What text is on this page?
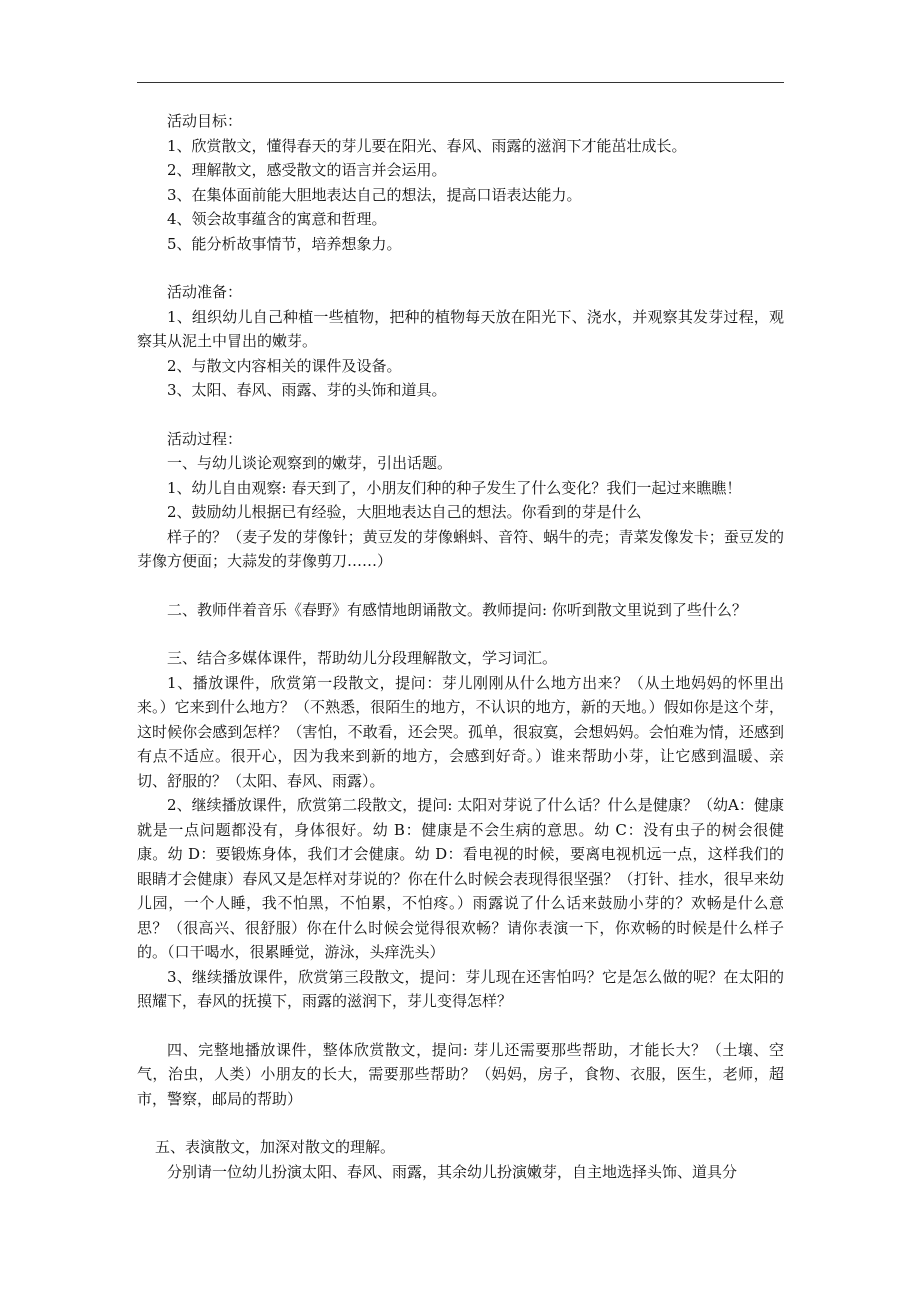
活动目标：

1、欣赏散文，懂得春天的芽儿要在阳光、春风、雨露的滋润下才能茁壮成长。

2、理解散文，感受散文的语言并会运用。

3、在集体面前能大胆地表达自己的想法，提高口语表达能力。

4、领会故事蕴含的寓意和哲理。

5、能分析故事情节，培养想象力。

活动准备：

1、组织幼儿自己种植一些植物，把种的植物每天放在阳光下、浇水，并观察其发芽过程，观察其从泥土中冒出的嫩芽。

2、与散文内容相关的课件及设备。

3、太阳、春风、雨露、芽的头饰和道具。

活动过程：

一、与幼儿谈论观察到的嫩芽，引出话题。

1、幼儿自由观察: 春天到了，小朋友们种的种子发生了什么变化？我们一起过来瞧瞧！

2、鼓励幼儿根据已有经验，大胆地表达自己的想法。你看到的芽是什么

样子的？（麦子发的芽像针；黄豆发的芽像蝌蚪、音符、蜗牛的壳；青菜发像发卡；蚕豆发的芽像方便面；大蒜发的芽像剪刀……）

二、教师伴着音乐《春野》有感情地朗诵散文。教师提问: 你听到散文里说到了些什么？

三、结合多媒体课件，帮助幼儿分段理解散文，学习词汇。

1、播放课件，欣赏第一段散文，提问：芽儿刚刚从什么地方出来？（从土地妈妈的怀里出来。）它来到什么地方？（不熟悉，很陌生的地方，不认识的地方，新的天地。）假如你是这个芽，这时候你会感到怎样？（害怕，不敢看，还会哭。孤单，很寂寞，会想妈妈。会怕难为情，还感到有点不适应。很开心，因为我来到新的地方，会感到好奇。）谁来帮助小芽，让它感到温暖、亲切、舒服的？（太阳、春风、雨露）。

2、继续播放课件，欣赏第二段散文，提问: 太阳对芽说了什么话？什么是健康？（幼A：健康就是一点问题都没有，身体很好。幼 B：健康是不会生病的意思。幼 C：没有虫子的树会很健康。幼 D：要锻炼身体，我们才会健康。幼 D：看电视的时候，要离电视机远一点，这样我们的眼睛才会健康）春风又是怎样对芽说的？你在什么时候会表现得很坚强？（打针、挂水，很早来幼儿园，一个人睡，我不怕黑，不怕累，不怕疼。）雨露说了什么话来鼓励小芽的？欢畅是什么意思？（很高兴、很舒服）你在什么时候会觉得很欢畅？请你表演一下，你欢畅的时候是什么样子的。（口干喝水，很累睡觉，游泳，头痒洗头）

3、继续播放课件，欣赏第三段散文，提问：芽儿现在还害怕吗？它是怎么做的呢？在太阳的照耀下，春风的抚摸下，雨露的滋润下，芽儿变得怎样？

四、完整地播放课件，整体欣赏散文，提问: 芽儿还需要那些帮助，才能长大？（土壤、空气，治虫，人类）小朋友的长大，需要那些帮助？（妈妈，房子，食物、衣服，医生，老师，超市，警察，邮局的帮助）

五、表演散文，加深对散文的理解。

分别请一位幼儿扮演太阳、春风、雨露，其余幼儿扮演嫩芽，自主地选择头饰、道具分
